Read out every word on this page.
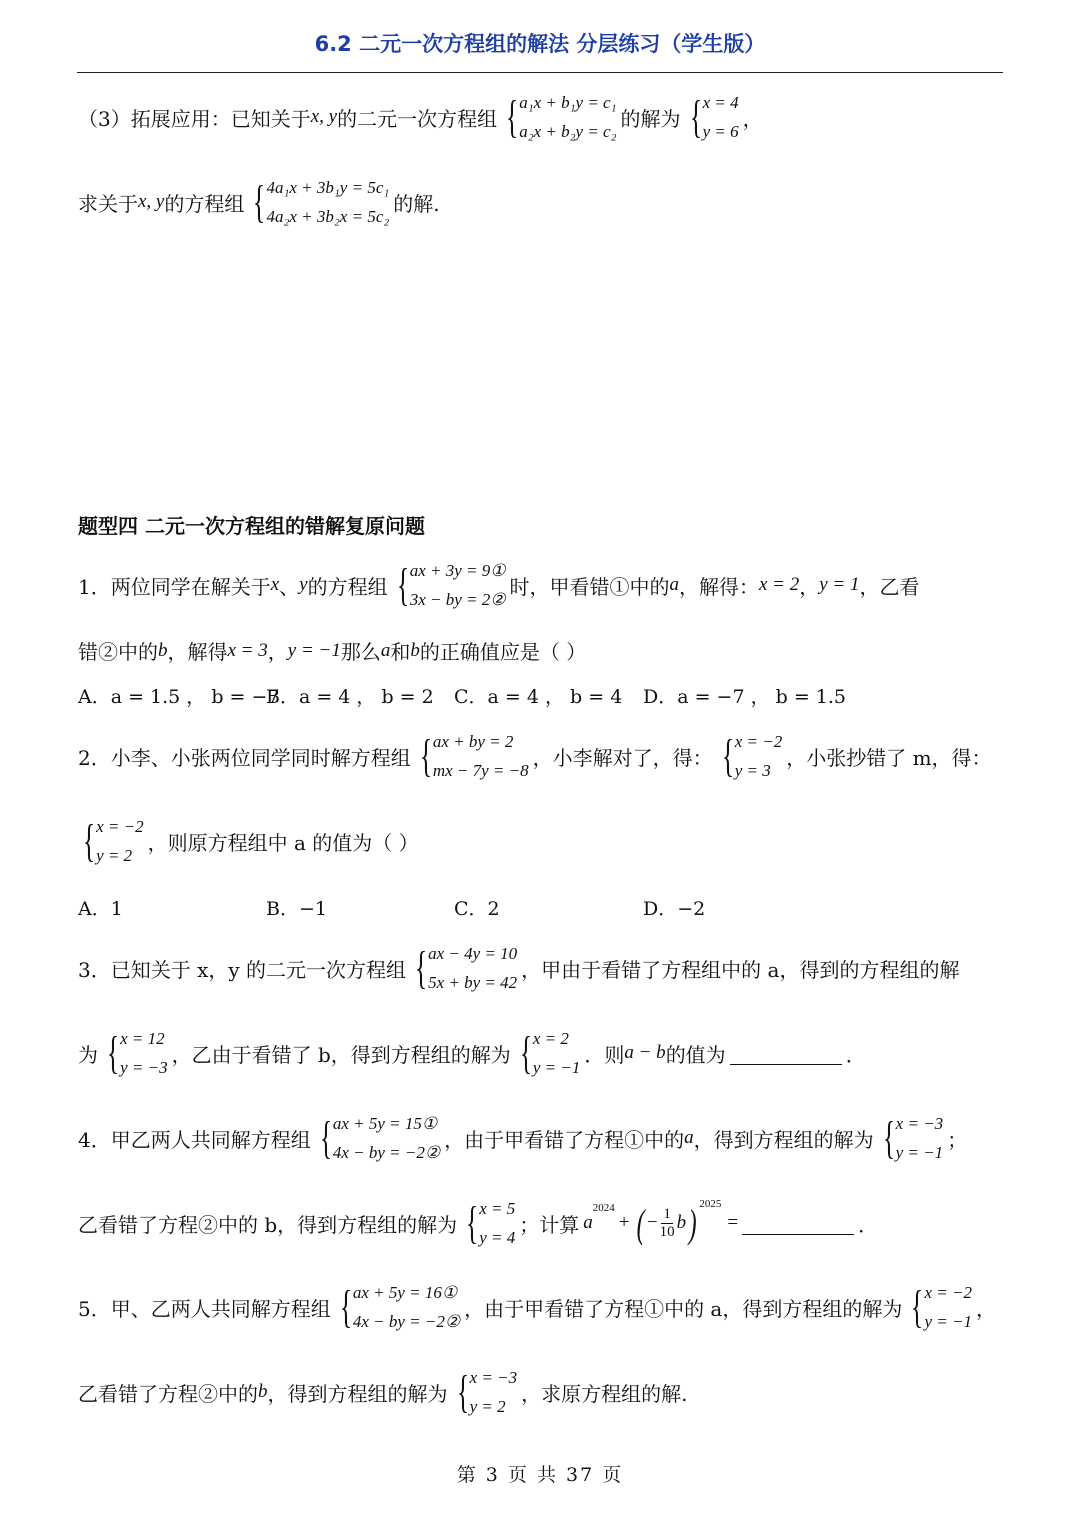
6.2 二元一次方程组的解法 分层练习（学生版）
（3）拓展应用：已知关于 x, y 的二元一次方程组 { a₁x + b₁y = c₁
a₂x + b₂y = c₂
的解为 { x = 4
y = 6
，
求关于 x, y 的方程组 { 4a₁x + 3b₁y = 5c₁
4a₂x + 3b₂x = 5c₂
的解.
题型四 二元一次方程组的错解复原问题
1．两位同学在解关于 x 、 y 的方程组 { ax + 3y = 9①
3x − by = 2②
时，甲看错①中的 a ，解得： x = 2 ， y = 1 ，乙看
错②中的 b ，解得 x = 3 ， y = −1 那么 a 和 b 的正确值应是（ ）
A．a = 1.5 ， b = −7
B．a = 4 ， b = 2 C．a = 4 ， b = 4 D．a = −7 ， b = 1.5
2．小李、小张两位同学同时解方程组 { ax + by = 2
mx − 7y = −8
，小李解对了，得： { x = −2
y = 3
，小张抄错了 m，得：
{ x = −2
y = 2
，则原方程组中 a 的值为（ ）
A．1	B．−1	C．2	D．−2
3．已知关于 x，y 的二元一次方程组 { ax − 4y = 10
5x + by = 42
，甲由于看错了方程组中的 a，得到的方程组的解
为 { x = 12
y = −3
，乙由于看错了 b，得到方程组的解为 { x = 2
y = −1
．则 a − b 的值为	．
4．甲乙两人共同解方程组 { ax + 5y = 15①
4x − by = −2②
，由于甲看错了方程①中的 a ，得到方程组的解为 { x = −3
y = −1
；
乙看错了方程②中的 b，得到方程组的解为 { x = 5
y = 4
；计算 a
$^{2024}$
+ ( − $\frac{1}{10}$ b )$^{2025}$
=	．
5．甲、乙两人共同解方程组 { ax + 5y = 16①
4x − by = −2②
，由于甲看错了方程①中的 a，得到方程组的解为 { x = −2
y = −1
，
乙看错了方程②中的 b ，得到方程组的解为 { x = −3
y = 2
，求原方程组的解.
第 3 页 共 37 页
